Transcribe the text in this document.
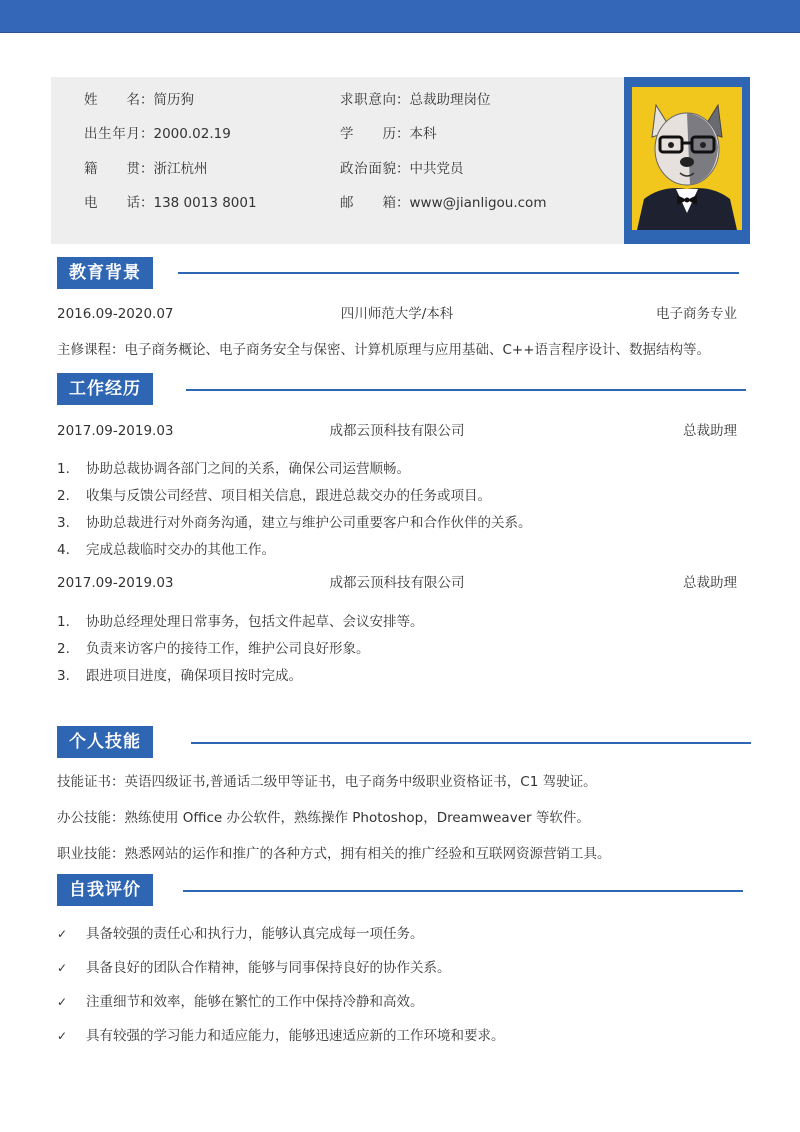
姓名：简历狗	求职意向：总裁助理岗位
出生年月：2000.02.19	学历：本科
籍贯：浙江杭州	政治面貌：中共党员
电话：138 0013 8001	邮箱：www@jianligou.com
教育背景
2016.09-2020.07	四川师范大学/本科	电子商务专业
主修课程：电子商务概论、电子商务安全与保密、计算机原理与应用基础、C++语言程序设计、数据结构等。
工作经历
2017.09-2019.03	成都云顶科技有限公司	总裁助理
1. 协助总裁协调各部门之间的关系，确保公司运营顺畅。
2. 收集与反馈公司经营、项目相关信息，跟进总裁交办的任务或项目。
3. 协助总裁进行对外商务沟通，建立与维护公司重要客户和合作伙伴的关系。
4. 完成总裁临时交办的其他工作。
2017.09-2019.03	成都云顶科技有限公司	总裁助理
1. 协助总经理处理日常事务，包括文件起草、会议安排等。
2. 负责来访客户的接待工作，维护公司良好形象。
3. 跟进项目进度，确保项目按时完成。
个人技能
技能证书：英语四级证书,普通话二级甲等证书，电子商务中级职业资格证书，C1 驾驶证。
办公技能：熟练使用 Office 办公软件，熟练操作 Photoshop，Dreamweaver 等软件。
职业技能：熟悉网站的运作和推广的各种方式，拥有相关的推广经验和互联网资源营销工具。
自我评价
✓ 具备较强的责任心和执行力，能够认真完成每一项任务。
✓ 具备良好的团队合作精神，能够与同事保持良好的协作关系。
✓ 注重细节和效率，能够在繁忙的工作中保持冷静和高效。
✓ 具有较强的学习能力和适应能力，能够迅速适应新的工作环境和要求。
